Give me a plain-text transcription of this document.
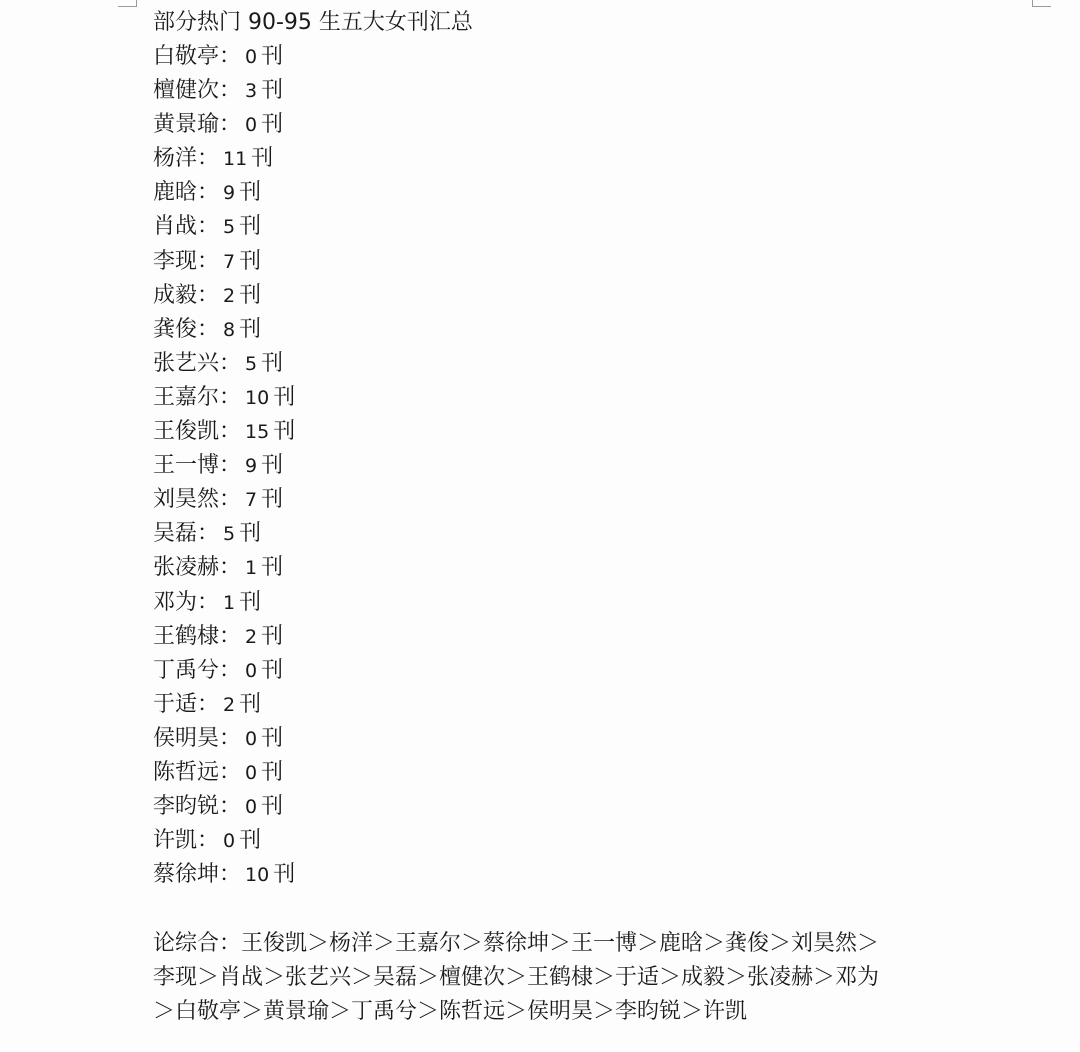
部分热门 90-95 生五大女刊汇总
白敬亭： 0 刊
檀健次： 3 刊
黄景瑜： 0 刊
杨洋： 11 刊
鹿晗： 9 刊
肖战： 5 刊
李现： 7 刊
成毅： 2 刊
龚俊： 8 刊
张艺兴： 5 刊
王嘉尔： 10 刊
王俊凯： 15 刊
王一博： 9 刊
刘昊然： 7 刊
吴磊： 5 刊
张凌赫： 1 刊
邓为： 1 刊
王鹤棣： 2 刊
丁禹兮： 0 刊
于适： 2 刊
侯明昊： 0 刊
陈哲远： 0 刊
李昀锐： 0 刊
许凯： 0 刊
蔡徐坤： 10 刊
论综合：王俊凯＞杨洋＞王嘉尔＞蔡徐坤＞王一博＞鹿晗＞龚俊＞刘昊然＞
李现＞肖战＞张艺兴＞吴磊＞檀健次＞王鹤棣＞于适＞成毅＞张凌赫＞邓为
＞白敬亭＞黄景瑜＞丁禹兮＞陈哲远＞侯明昊＞李昀锐＞许凯
